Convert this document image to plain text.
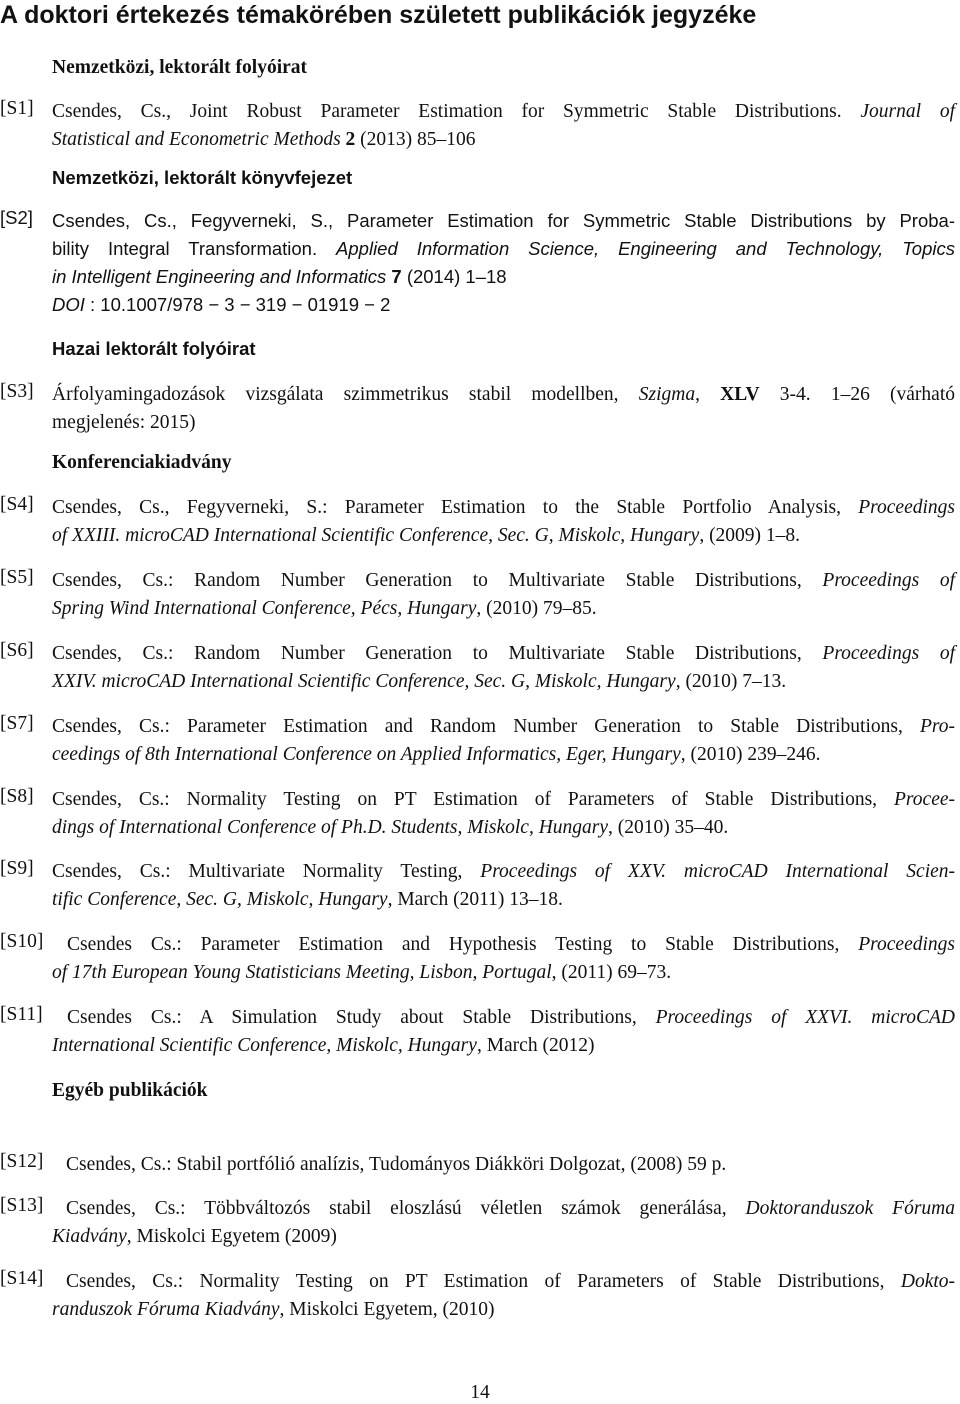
A doktori értekezés témakörében született publikációk jegyzéke
Nemzetközi, lektorált folyóirat
[S1] Csendes, Cs., Joint Robust Parameter Estimation for Symmetric Stable Distributions. Journal of
Statistical and Econometric Methods 2 (2013) 85–106
Nemzetközi, lektorált könyvfejezet
[S2] Csendes, Cs., Fegyverneki, S., Parameter Estimation for Symmetric Stable Distributions by Proba-
bility Integral Transformation. Applied Information Science, Engineering and Technology, Topics
in Intelligent Engineering and Informatics 7 (2014) 1–18
DOI : 10.1007/978 − 3 − 319 − 01919 − 2
Hazai lektorált folyóirat
[S3] Árfolyamingadozások vizsgálata szimmetrikus stabil modellben, Szigma, XLV 3-4. 1–26 (várható
megjelenés: 2015)
Konferenciakiadvány
[S4] Csendes, Cs., Fegyverneki, S.: Parameter Estimation to the Stable Portfolio Analysis, Proceedings
of XXIII. microCAD International Scientific Conference, Sec. G, Miskolc, Hungary, (2009) 1–8.
[S5] Csendes, Cs.: Random Number Generation to Multivariate Stable Distributions, Proceedings of
Spring Wind International Conference, Pécs, Hungary, (2010) 79–85.
[S6] Csendes, Cs.: Random Number Generation to Multivariate Stable Distributions, Proceedings of
XXIV. microCAD International Scientific Conference, Sec. G, Miskolc, Hungary, (2010) 7–13.
[S7] Csendes, Cs.: Parameter Estimation and Random Number Generation to Stable Distributions, Pro-
ceedings of 8th International Conference on Applied Informatics, Eger, Hungary, (2010) 239–246.
[S8] Csendes, Cs.: Normality Testing on PT Estimation of Parameters of Stable Distributions, Procee-
dings of International Conference of Ph.D. Students, Miskolc, Hungary, (2010) 35–40.
[S9] Csendes, Cs.: Multivariate Normality Testing, Proceedings of XXV. microCAD International Scien-
tific Conference, Sec. G, Miskolc, Hungary, March (2011) 13–18.
[S10] Csendes Cs.: Parameter Estimation and Hypothesis Testing to Stable Distributions, Proceedings
of 17th European Young Statisticians Meeting, Lisbon, Portugal, (2011) 69–73.
[S11] Csendes Cs.: A Simulation Study about Stable Distributions, Proceedings of XXVI. microCAD
International Scientific Conference, Miskolc, Hungary, March (2012)
Egyéb publikációk
[S12] Csendes, Cs.: Stabil portfólió analízis, Tudományos Diákköri Dolgozat, (2008) 59 p.
[S13] Csendes, Cs.: Többváltozós stabil eloszlású véletlen számok generálása, Doktoranduszok Fóruma
Kiadvány, Miskolci Egyetem (2009)
[S14] Csendes, Cs.: Normality Testing on PT Estimation of Parameters of Stable Distributions, Dokto-
randuszok Fóruma Kiadvány, Miskolci Egyetem, (2010)
14
